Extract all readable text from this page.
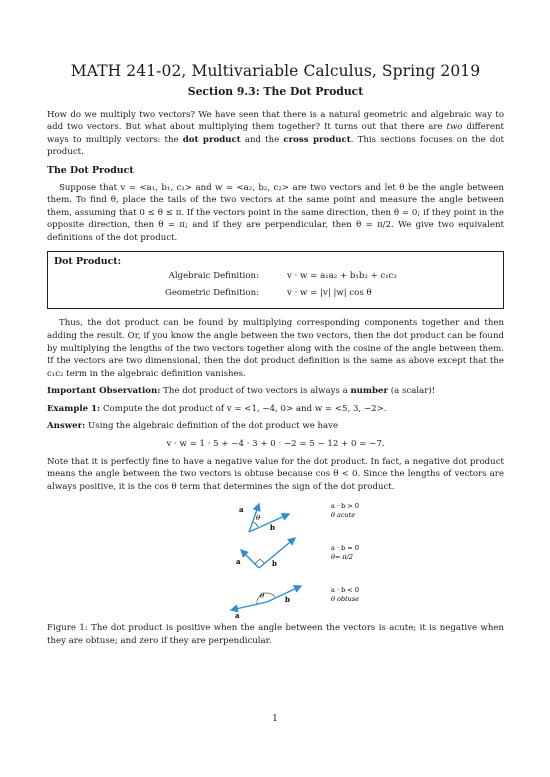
MATH 241-02, Multivariable Calculus, Spring 2019
Section 9.3: The Dot Product

How do we multiply two vectors? We have seen that there is a natural geometric and algebraic way to add two vectors. But what about multiplying them together? It turns out that there are two different ways to multiply vectors: the dot product and the cross product. This sections focuses on the dot product.

The Dot Product

Suppose that v = <a₁, b₁, c₁> and w = <a₂, b₂, c₂> are two vectors and let θ be the angle between them. To find θ, place the tails of the two vectors at the same point and measure the angle between them, assuming that 0 ≤ θ ≤ π. If the vectors point in the same direction, then θ = 0; if they point in the opposite direction, then θ = π; and if they are perpendicular, then θ = π/2. We give two equivalent definitions of the dot product.

Dot Product:
Algebraic Definition:	v · w = a₁a₂ + b₁b₂ + c₁c₂
Geometric Definition:	v · w = |v| |w| cos θ

Thus, the dot product can be found by multiplying corresponding components together and then adding the result. Or, if you know the angle between the two vectors, then the dot product can be found by multiplying the lengths of the two vectors together along with the cosine of the angle between them. If the vectors are two dimensional, then the dot product definition is the same as above except that the c₁c₂ term in the algebraic definition vanishes.

Important Observation: The dot product of two vectors is always a number (a scalar)!

Example 1: Compute the dot product of v = <1, −4, 0> and w = <5, 3, −2>.

Answer: Using the algebraic definition of the dot product we have

v · w = 1 · 5 + −4 · 3 + 0 · −2 = 5 − 12 + 0 = −7.

Note that it is perfectly fine to have a negative value for the dot product. In fact, a negative dot product means the angle between the two vectors is obtuse because cos θ < 0. Since the lengths of vectors are always positive, it is the cos θ term that determines the sign of the dot product.

a
θ
b
a · b > 0
θ acute
a	b
a · b = 0
θ= π/2
θ
a
b
a · b < 0
θ obtuse

Figure 1: The dot product is positive when the angle between the vectors is acute; it is negative when they are obtuse; and zero if they are perpendicular.

1
